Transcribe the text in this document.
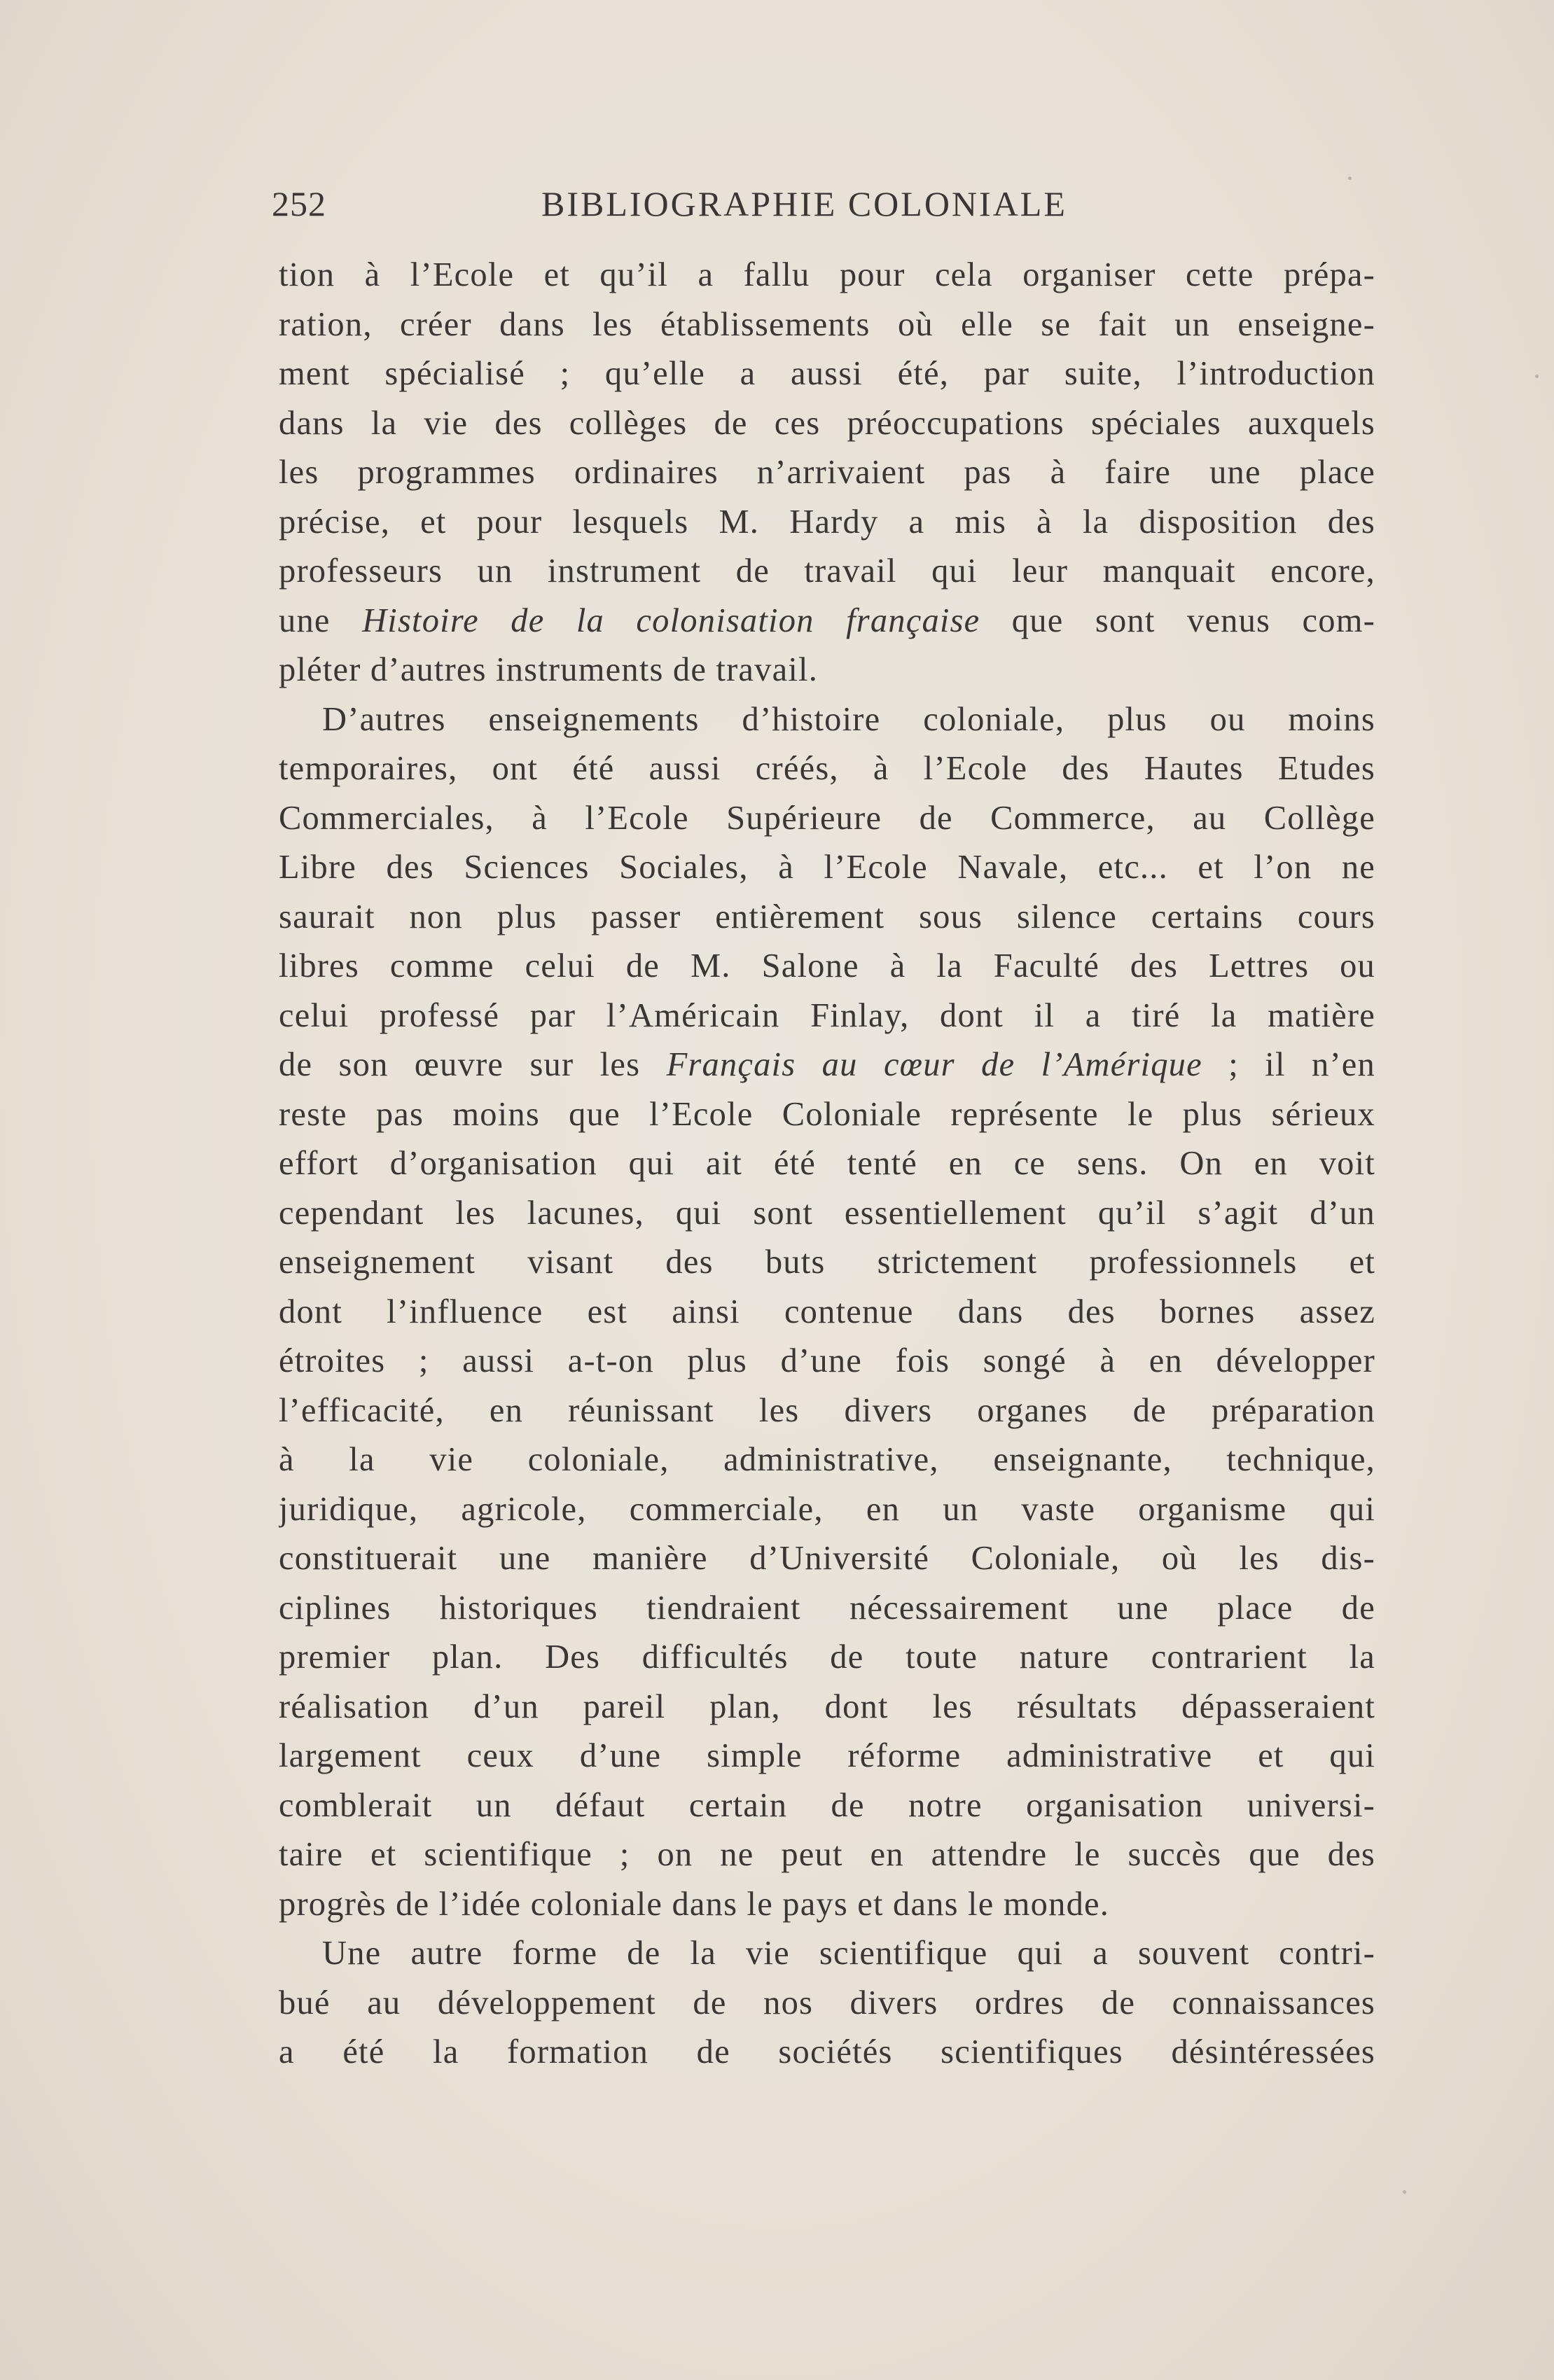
252	BIBLIOGRAPHIE COLONIALE
tion à l’Ecole et qu’il a fallu pour cela organiser cette prépa-
ration, créer dans les établissements où elle se fait un enseigne-
ment spécialisé ; qu’elle a aussi été, par suite, l’introduction
dans la vie des collèges de ces préoccupations spéciales auxquels
les programmes ordinaires n’arrivaient pas à faire une place
précise, et pour lesquels M. Hardy a mis à la disposition des
professeurs un instrument de travail qui leur manquait encore,
une Histoire de la colonisation française que sont venus com-
pléter d’autres instruments de travail.
D’autres enseignements d’histoire coloniale, plus ou moins
temporaires, ont été aussi créés, à l’Ecole des Hautes Etudes
Commerciales, à l’Ecole Supérieure de Commerce, au Collège
Libre des Sciences Sociales, à l’Ecole Navale, etc... et l’on ne
saurait non plus passer entièrement sous silence certains cours
libres comme celui de M. Salone à la Faculté des Lettres ou
celui professé par l’Américain Finlay, dont il a tiré la matière
de son œuvre sur les Français au cœur de l’Amérique ; il n’en
reste pas moins que l’Ecole Coloniale représente le plus sérieux
effort d’organisation qui ait été tenté en ce sens. On en voit
cependant les lacunes, qui sont essentiellement qu’il s’agit d’un
enseignement visant des buts strictement professionnels et
dont l’influence est ainsi contenue dans des bornes assez
étroites ; aussi a-t-on plus d’une fois songé à en développer
l’efficacité, en réunissant les divers organes de préparation
à la vie coloniale, administrative, enseignante, technique,
juridique, agricole, commerciale, en un vaste organisme qui
constituerait une manière d’Université Coloniale, où les dis-
ciplines historiques tiendraient nécessairement une place de
premier plan. Des difficultés de toute nature contrarient la
réalisation d’un pareil plan, dont les résultats dépasseraient
largement ceux d’une simple réforme administrative et qui
comblerait un défaut certain de notre organisation universi-
taire et scientifique ; on ne peut en attendre le succès que des
progrès de l’idée coloniale dans le pays et dans le monde.
Une autre forme de la vie scientifique qui a souvent contri-
bué au développement de nos divers ordres de connaissances
a été la formation de sociétés scientifiques désintéressées
